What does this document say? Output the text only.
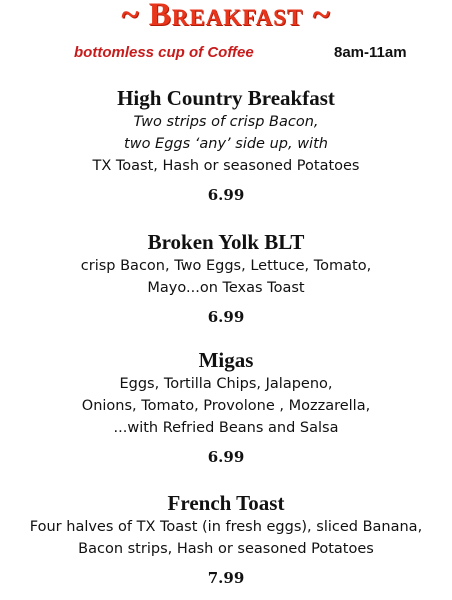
~ Breakfast ~
bottomless cup of Coffee	8am-11am
High Country Breakfast
Two strips of crisp Bacon,
two Eggs ‘any’ side up, with
TX Toast, Hash or seasoned Potatoes
6.99
Broken Yolk BLT
crisp Bacon, Two Eggs, Lettuce, Tomato,
Mayo...on Texas Toast
6.99
Migas
Eggs, Tortilla Chips, Jalapeno,
Onions, Tomato, Provolone , Mozzarella,
...with Refried Beans and Salsa
6.99
French Toast
Four halves of TX Toast (in fresh eggs), sliced Banana,
Bacon strips, Hash or seasoned Potatoes
7.99
